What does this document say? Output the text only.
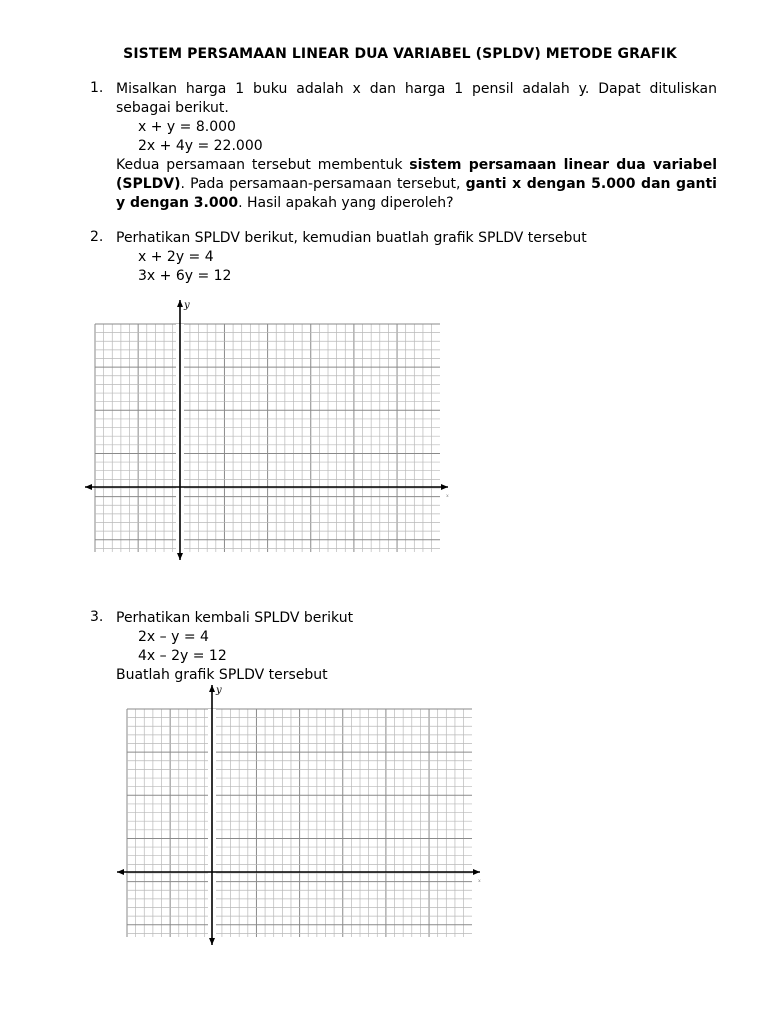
SISTEM PERSAMAAN LINEAR DUA VARIABEL (SPLDV) METODE GRAFIK
1. Misalkan harga 1 buku adalah x dan harga 1 pensil adalah y. Dapat dituliskan sebagai berikut.
x + y = 8.000
2x + 4y = 22.000
Kedua persamaan tersebut membentuk sistem persamaan linear dua variabel (SPLDV). Pada persamaan-persamaan tersebut, ganti x dengan 5.000 dan ganti y dengan 3.000. Hasil apakah yang diperoleh?
2. Perhatikan SPLDV berikut, kemudian buatlah grafik SPLDV tersebut
x + 2y = 4
3x + 6y = 12
y
x
3. Perhatikan kembali SPLDV berikut
2x – y = 4
4x – 2y = 12
Buatlah grafik SPLDV tersebut
y
x
